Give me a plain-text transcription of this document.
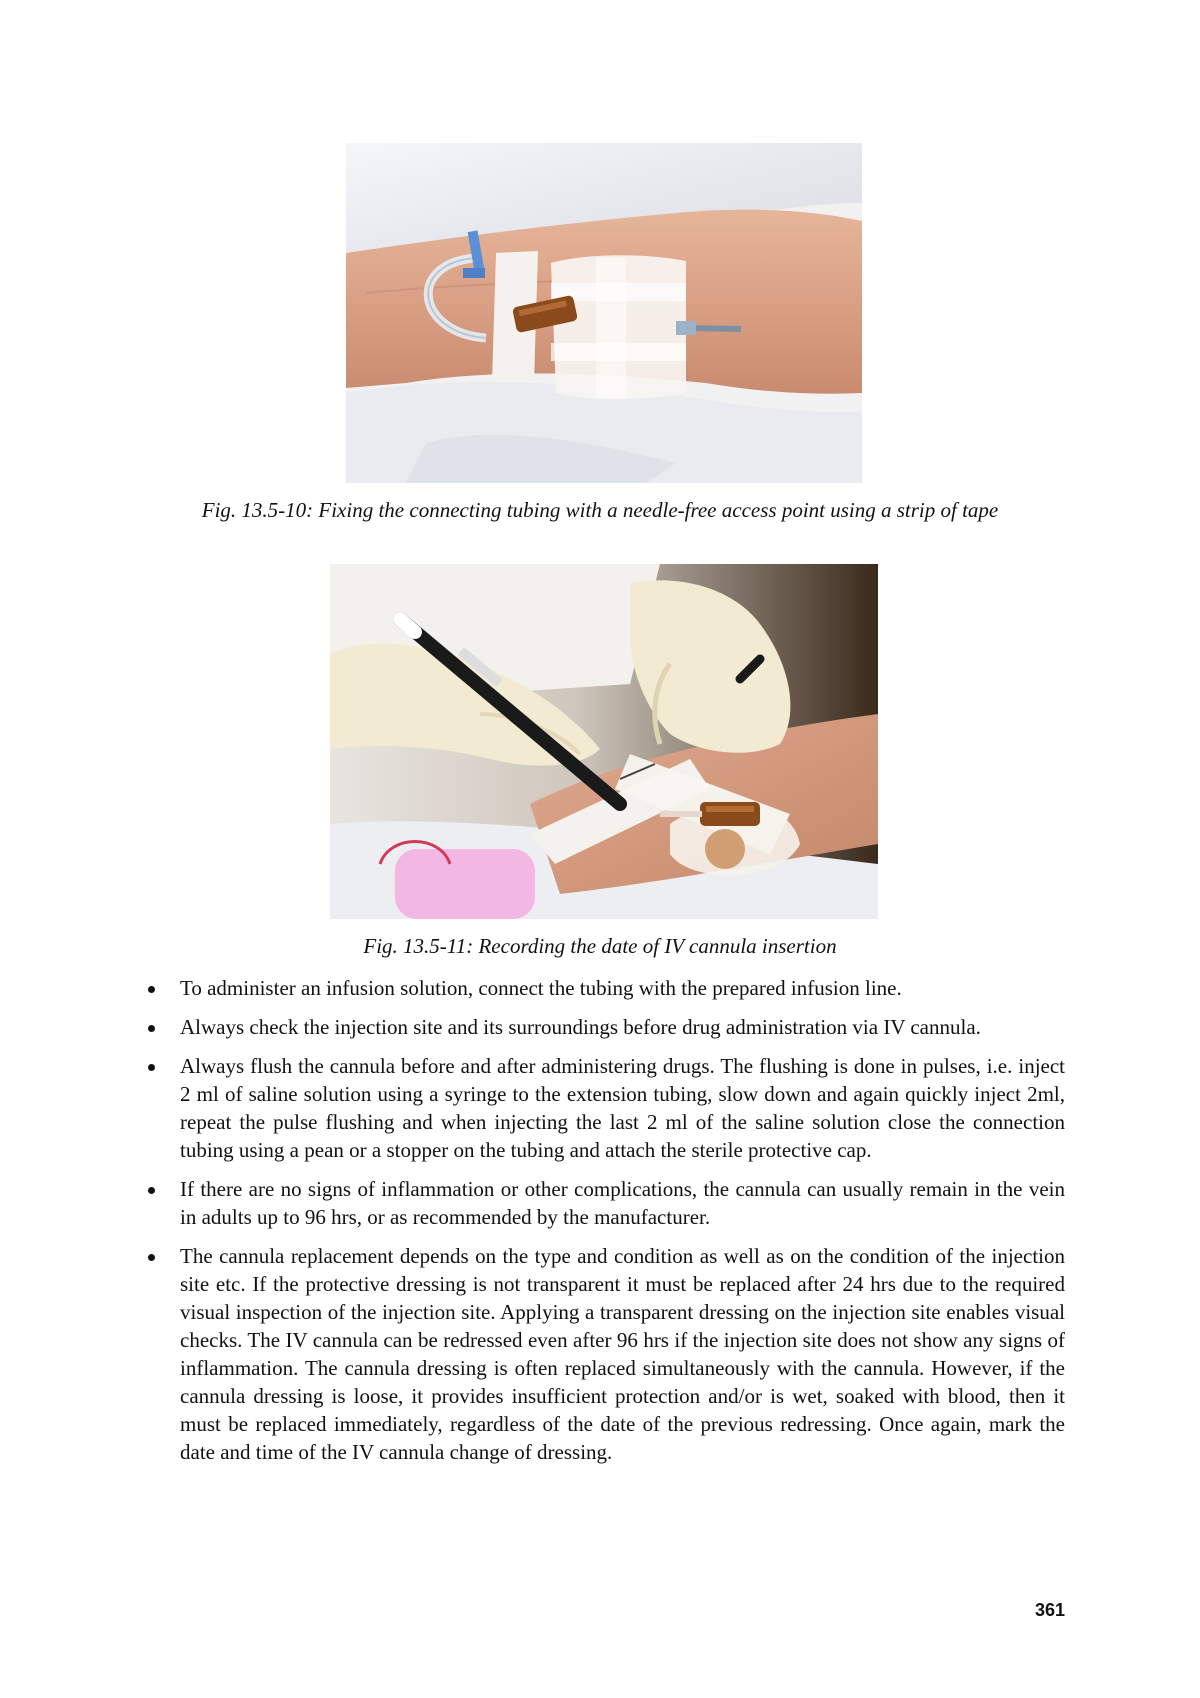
Fig. 13.5-10: Fixing the connecting tubing with a needle-free access point using a strip of tape
Fig. 13.5-11: Recording the date of IV cannula insertion
To administer an infusion solution, connect the tubing with the prepared infusion line.
Always check the injection site and its surroundings before drug administration via IV cannula.
Always flush the cannula before and after administering drugs. The flushing is done in pulses, i.e. inject 2 ml of saline solution using a syringe to the extension tubing, slow down and again quickly inject 2ml, repeat the pulse flushing and when injecting the last 2 ml of the saline solution close the connection tubing using a pean or a stopper on the tubing and attach the sterile protective cap.
If there are no signs of inflammation or other complications, the cannula can usually remain in the vein in adults up to 96 hrs, or as recommended by the manufacturer.
The cannula replacement depends on the type and condition as well as on the condition of the injection site etc. If the protective dressing is not transparent it must be replaced after 24 hrs due to the required visual inspection of the injection site. Applying a transparent dressing on the injection site enables visual checks. The IV cannula can be redressed even after 96 hrs if the injection site does not show any signs of inflammation. The cannula dressing is often replaced simultaneously with the cannula. However, if the cannula dressing is loose, it provides insufficient protection and/or is wet, soaked with blood, then it must be replaced immediately, regardless of the date of the previous redressing. Once again, mark the date and time of the IV cannula change of dressing.
361
